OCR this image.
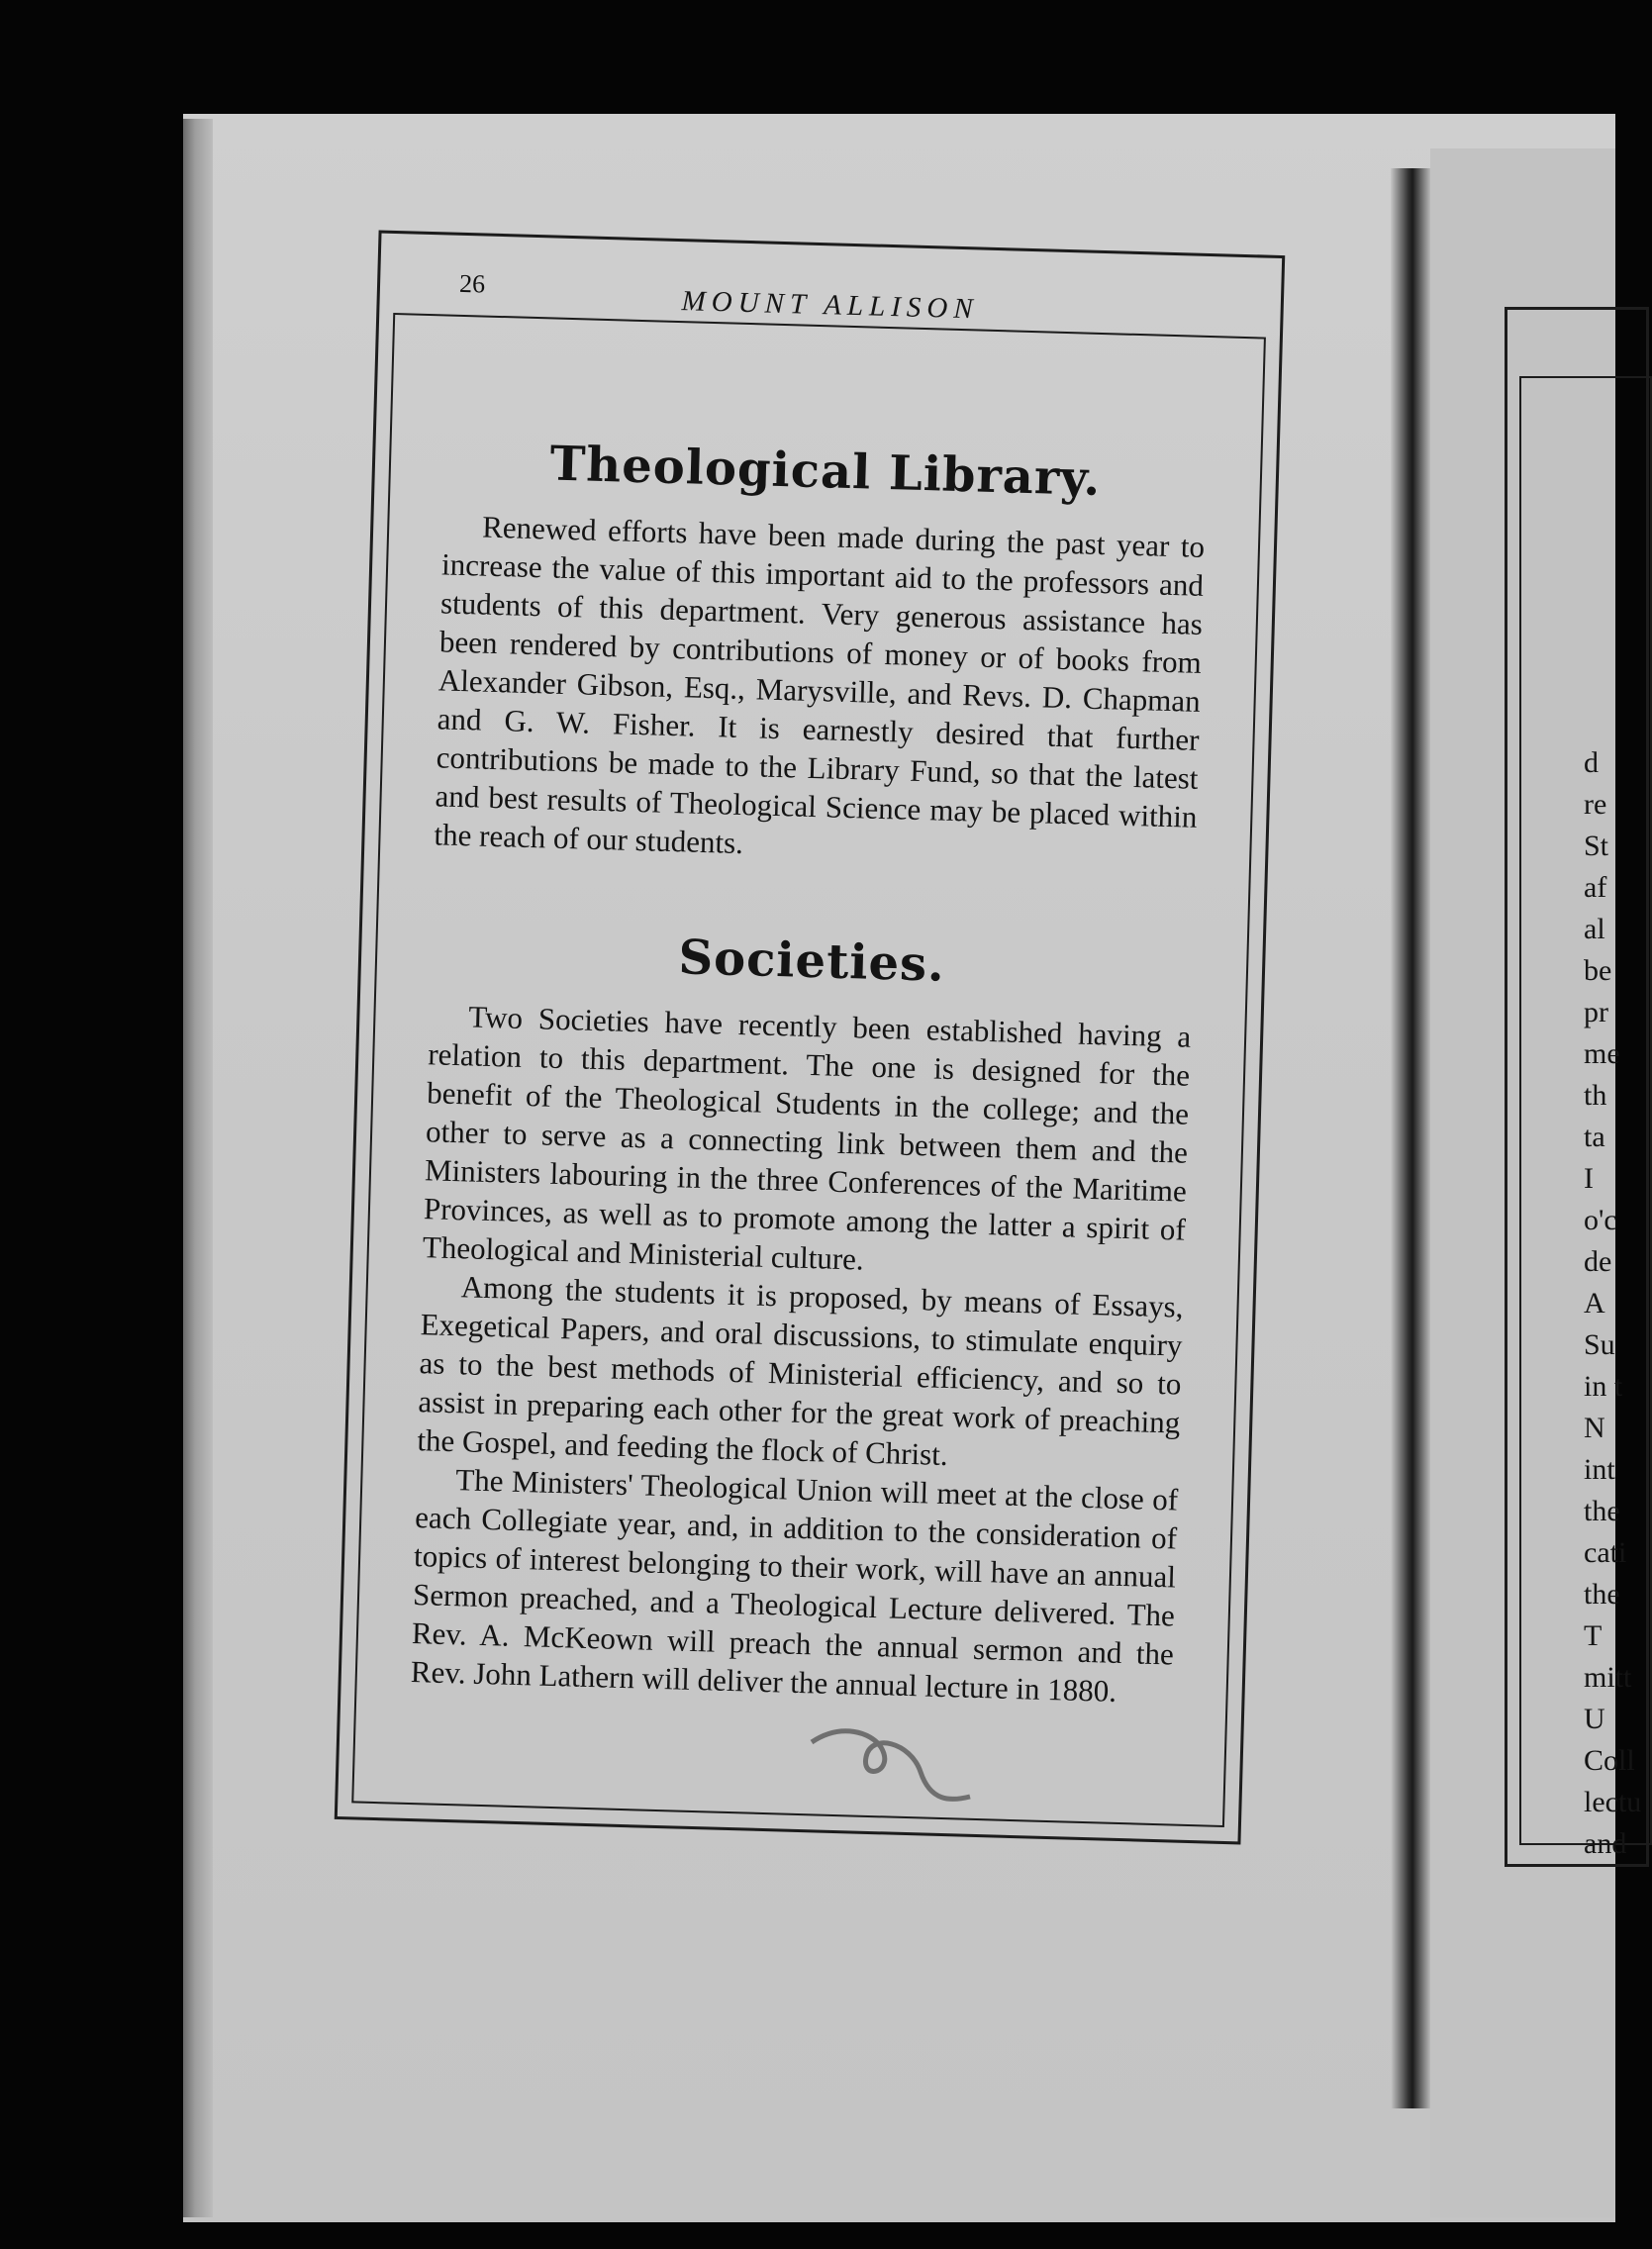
26
MOUNT ALLISON
Theological Library.

Renewed efforts have been made during the past year to increase the value of this important aid to the professors and students of this department. Very generous assistance has been rendered by contributions of money or of books from Alexander Gibson, Esq., Marysville, and Revs. D. Chapman and G. W. Fisher. It is earnestly desired that further contributions be made to the Library Fund, so that the latest and best results of Theological Science may be placed within the reach of our students.

Societies.

Two Societies have recently been established having a relation to this department. The one is designed for the benefit of the Theological Students in the college; and the other to serve as a connecting link between them and the Ministers labouring in the three Conferences of the Maritime Provinces, as well as to promote among the latter a spirit of Theological and Ministerial culture.

Among the students it is proposed, by means of Essays, Exegetical Papers, and oral discussions, to stimulate enquiry as to the best methods of Ministerial efficiency, and so to assist in preparing each other for the great work of preaching the Gospel, and feeding the flock of Christ.

The Ministers' Theological Union will meet at the close of each Collegiate year, and, in addition to the consideration of topics of interest belonging to their work, will have an annual Sermon preached, and a Theological Lecture delivered. The Rev. A. McKeown will preach the annual sermon and the Rev. John Lathern will deliver the annual lecture in 1880.

d
re
St
af
al
be
pr
me
th
ta
I
o'c
de
A
Su
in t
N
int
the
cati
the
T
mitt
U
Coll
lectu
and
